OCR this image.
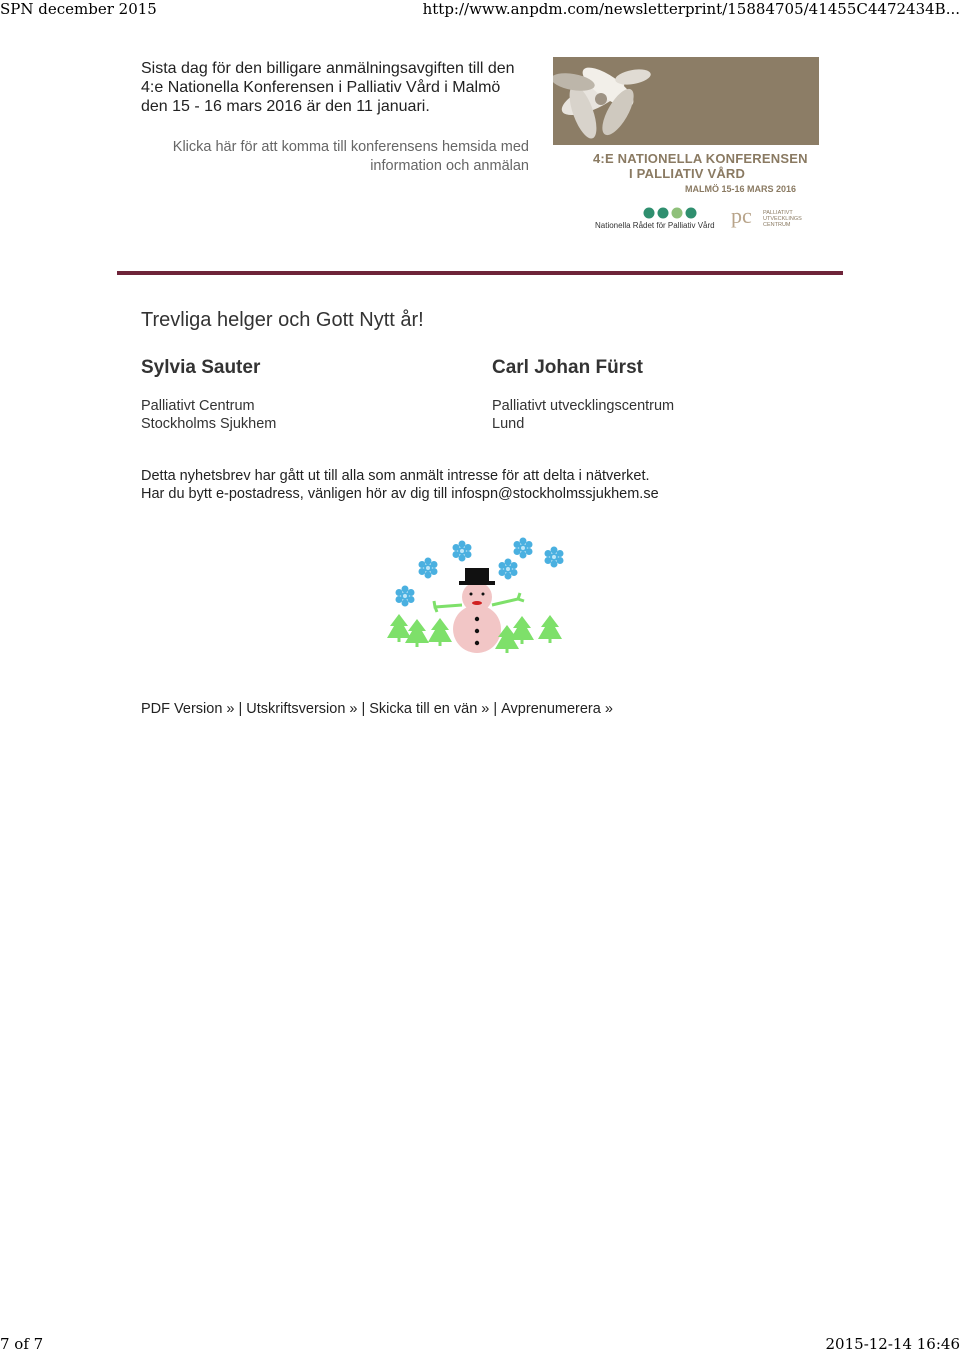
SPN december 2015	http://www.anpdm.com/newsletterprint/15884705/41455C4472434B...
Sista dag för den billigare anmälningsavgiften till den 4:e Nationella Konferensen i Palliativ Vård i Malmö den 15 - 16 mars 2016 är den 11 januari.
Klicka här för att komma till konferensens hemsida med
information och anmälan	4:E NATIONELLA KONFERENSEN
I PALLIATIV VÅRD
MALMÖ 15-16 MARS 2016
Nationella Rådet för Palliativ Vård pc PALLIATIVT UTVECKLINGS CENTRUM
Trevliga helger och Gott Nytt år!
Sylvia Sauter
Palliativt Centrum
Stockholms Sjukhem
Carl Johan Fürst
Palliativt utvecklingscentrum
Lund
Detta nyhetsbrev har gått ut till alla som anmält intresse för att delta i nätverket.
Har du bytt e-postadress, vänligen hör av dig till infospn@stockholmssjukhem.se
PDF Version » | Utskriftsversion » | Skicka till en vän » | Avprenumerera »
7 of 7	2015-12-14 16:46
